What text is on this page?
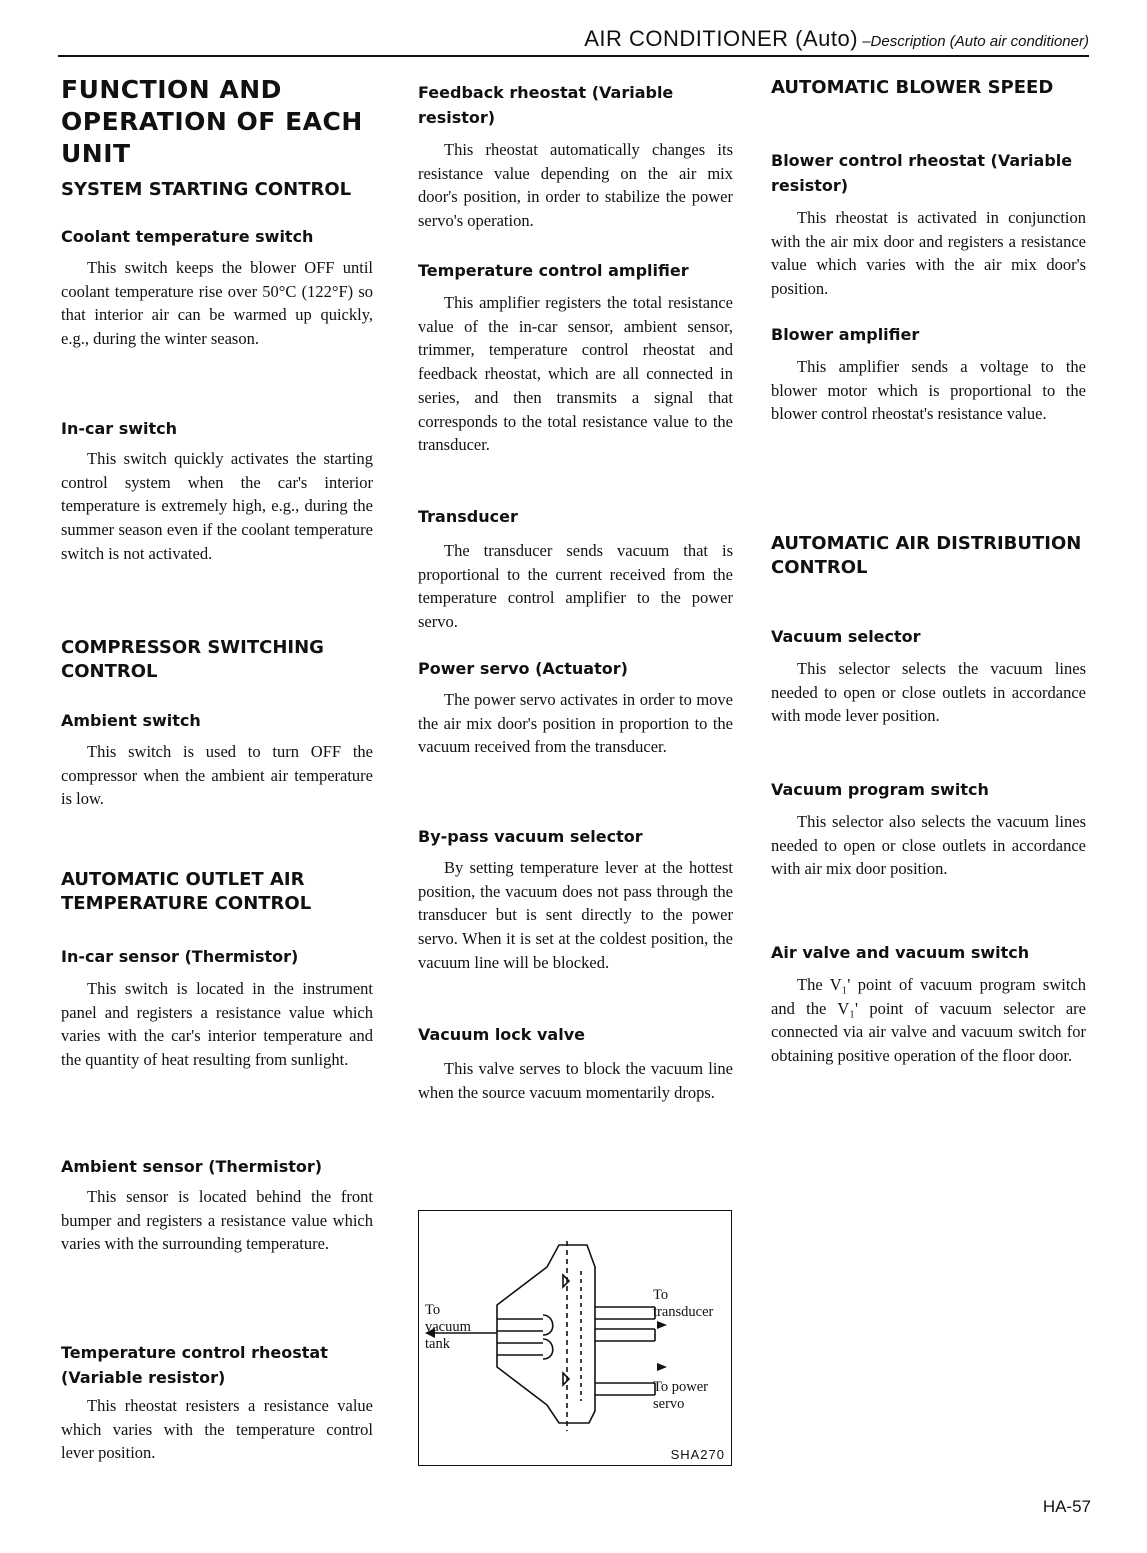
AIR CONDITIONER (Auto) –Description (Auto air conditioner)
FUNCTION AND OPERATION OF EACH UNIT
SYSTEM STARTING CONTROL
Coolant temperature switch

This switch keeps the blower OFF until coolant temperature rise over 50°C (122°F) so that interior air can be warmed up quickly, e.g., during the winter season.

In-car switch

This switch quickly activates the starting control system when the car's interior temperature is extremely high, e.g., during the summer season even if the coolant temperature switch is not activated.

COMPRESSOR SWITCHING CONTROL
Ambient switch

This switch is used to turn OFF the compressor when the ambient air temperature is low.

AUTOMATIC OUTLET AIR TEMPERATURE CONTROL
In-car sensor (Thermistor)

This switch is located in the instrument panel and registers a resistance value which varies with the car's interior temperature and the quantity of heat resulting from sunlight.

Ambient sensor (Thermistor)

This sensor is located behind the front bumper and registers a resistance value which varies with the surrounding temperature.

Temperature control rheostat (Variable resistor)

This rheostat resisters a resistance value which varies with the temperature control lever position.

Feedback rheostat (Variable resistor)

This rheostat automatically changes its resistance value depending on the air mix door's position, in order to stabilize the power servo's operation.

Temperature control amplifier

This amplifier registers the total resistance value of the in-car sensor, ambient sensor, trimmer, temperature control rheostat and feedback rheostat, which are all connected in series, and then transmits a signal that corresponds to the total resistance value to the transducer.

Transducer

The transducer sends vacuum that is proportional to the current received from the temperature control amplifier to the power servo.

Power servo (Actuator)

The power servo activates in order to move the air mix door's position in proportion to the vacuum received from the transducer.

By-pass vacuum selector

By setting temperature lever at the hottest position, the vacuum does not pass through the transducer but is sent directly to the power servo. When it is set at the coldest position, the vacuum line will be blocked.

Vacuum lock valve

This valve serves to block the vacuum line when the source vacuum momentarily drops.

To vacuum tank
To transducer
To power servo
SHA270
AUTOMATIC BLOWER SPEED
Blower control rheostat (Variable resistor)

This rheostat is activated in conjunction with the air mix door and registers a resistance value which varies with the air mix door's position.

Blower amplifier

This amplifier sends a voltage to the blower motor which is proportional to the blower control rheostat's resistance value.

AUTOMATIC AIR DISTRIBUTION CONTROL
Vacuum selector

This selector selects the vacuum lines needed to open or close outlets in accordance with mode lever position.

Vacuum program switch

This selector also selects the vacuum lines needed to open or close outlets in accordance with air mix door position.

Air valve and vacuum switch

The V₁' point of vacuum program switch and the V₁' point of vacuum selector are connected via air valve and vacuum switch for obtaining positive operation of the floor door.

HA-57
